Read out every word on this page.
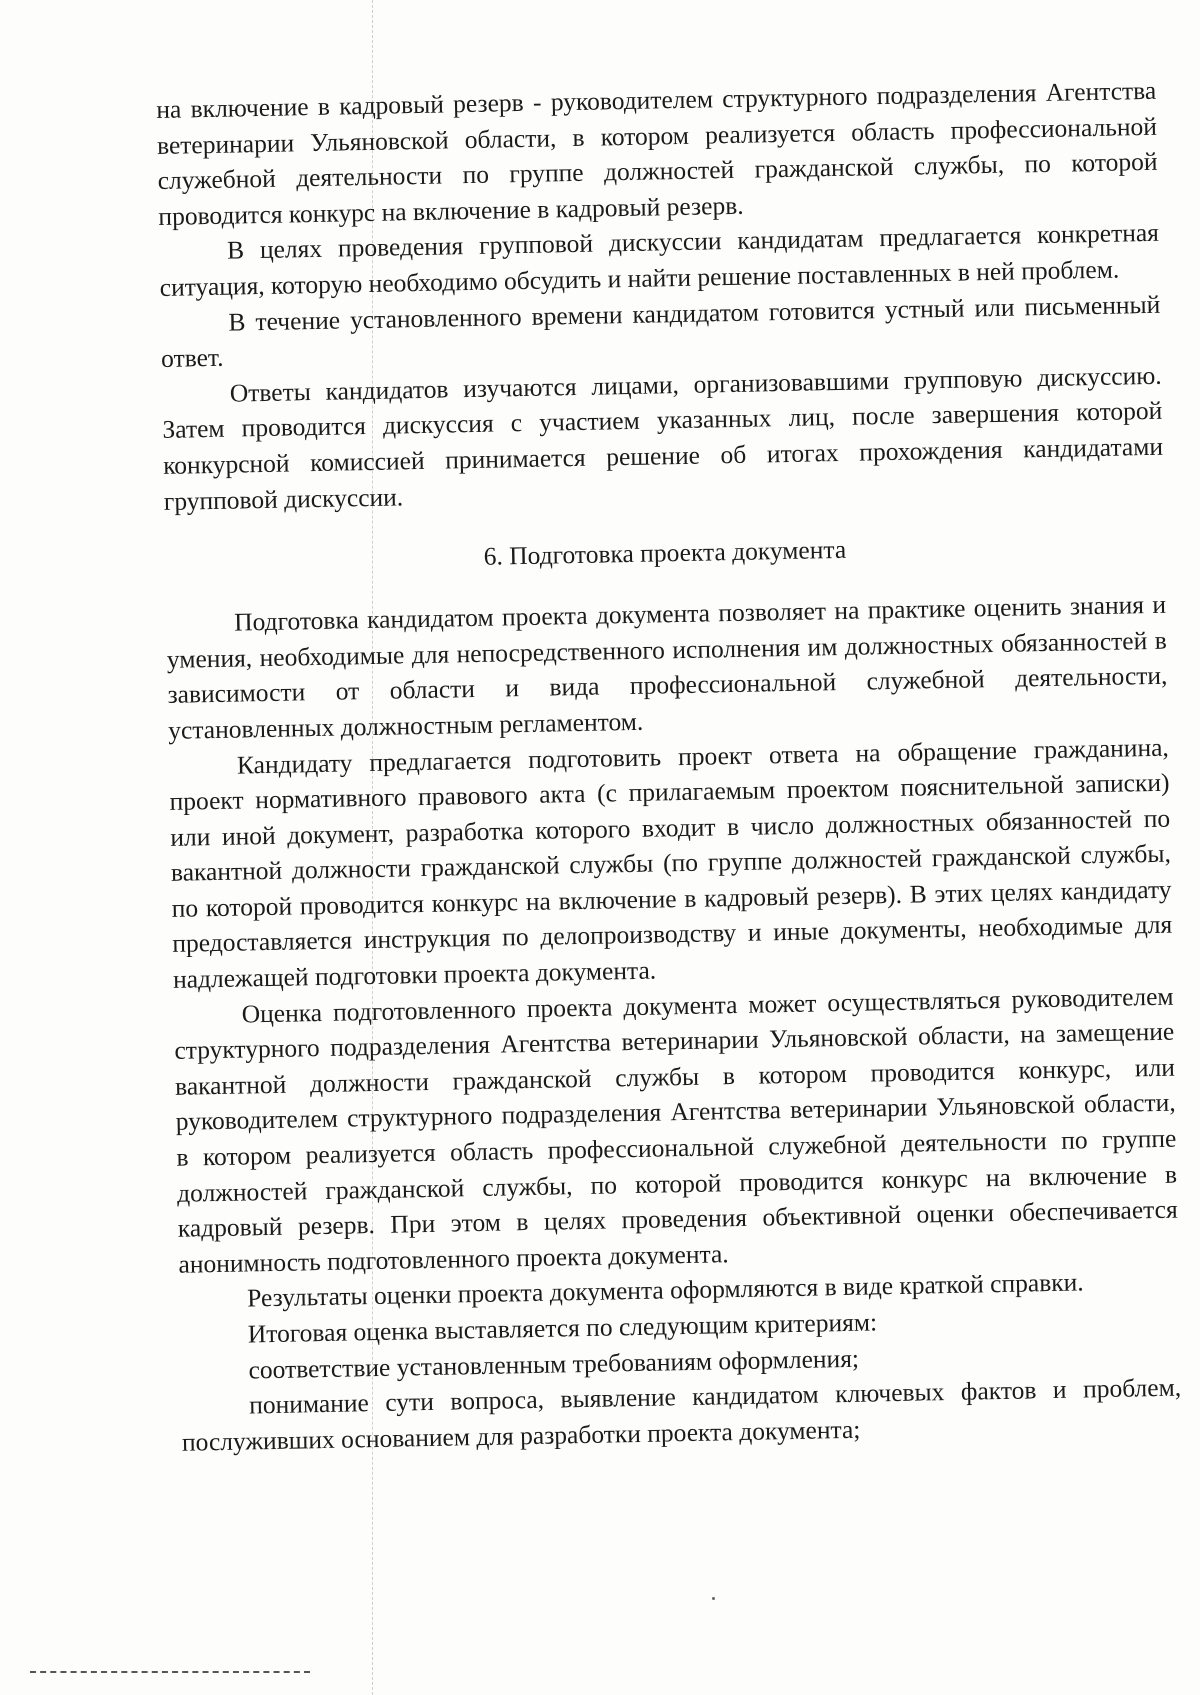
на включение в кадровый резерв - руководителем структурного подразделения Агентства ветеринарии Ульяновской области, в котором реализуется область профессиональной служебной деятельности по группе должностей гражданской службы, по которой проводится конкурс на включение в кадровый резерв.

В целях проведения групповой дискуссии кандидатам предлагается конкретная ситуация, которую необходимо обсудить и найти решение поставленных в ней проблем.

В течение установленного времени кандидатом готовится устный или письменный ответ.

Ответы кандидатов изучаются лицами, организовавшими групповую дискуссию. Затем проводится дискуссия с участием указанных лиц, после завершения которой конкурсной комиссией принимается решение об итогах прохождения кандидатами групповой дискуссии.

6. Подготовка проекта документа

Подготовка кандидатом проекта документа позволяет на практике оценить знания и умения, необходимые для непосредственного исполнения им должностных обязанностей в зависимости от области и вида профессиональной служебной деятельности, установленных должностным регламентом.

Кандидату предлагается подготовить проект ответа на обращение гражданина, проект нормативного правового акта (с прилагаемым проектом пояснительной записки) или иной документ, разработка которого входит в число должностных обязанностей по вакантной должности гражданской службы (по группе должностей гражданской службы, по которой проводится конкурс на включение в кадровый резерв). В этих целях кандидату предоставляется инструкция по делопроизводству и иные документы, необходимые для надлежащей подготовки проекта документа.

Оценка подготовленного проекта документа может осуществляться руководителем структурного подразделения Агентства ветеринарии Ульяновской области, на замещение вакантной должности гражданской службы в котором проводится конкурс, или руководителем структурного подразделения Агентства ветеринарии Ульяновской области, в котором реализуется область профессиональной служебной деятельности по группе должностей гражданской службы, по которой проводится конкурс на включение в кадровый резерв. При этом в целях проведения объективной оценки обеспечивается анонимность подготовленного проекта документа.

Результаты оценки проекта документа оформляются в виде краткой справки.

Итоговая оценка выставляется по следующим критериям:

соответствие установленным требованиям оформления;

понимание сути вопроса, выявление кандидатом ключевых фактов и проблем, послуживших основанием для разработки проекта документа;
